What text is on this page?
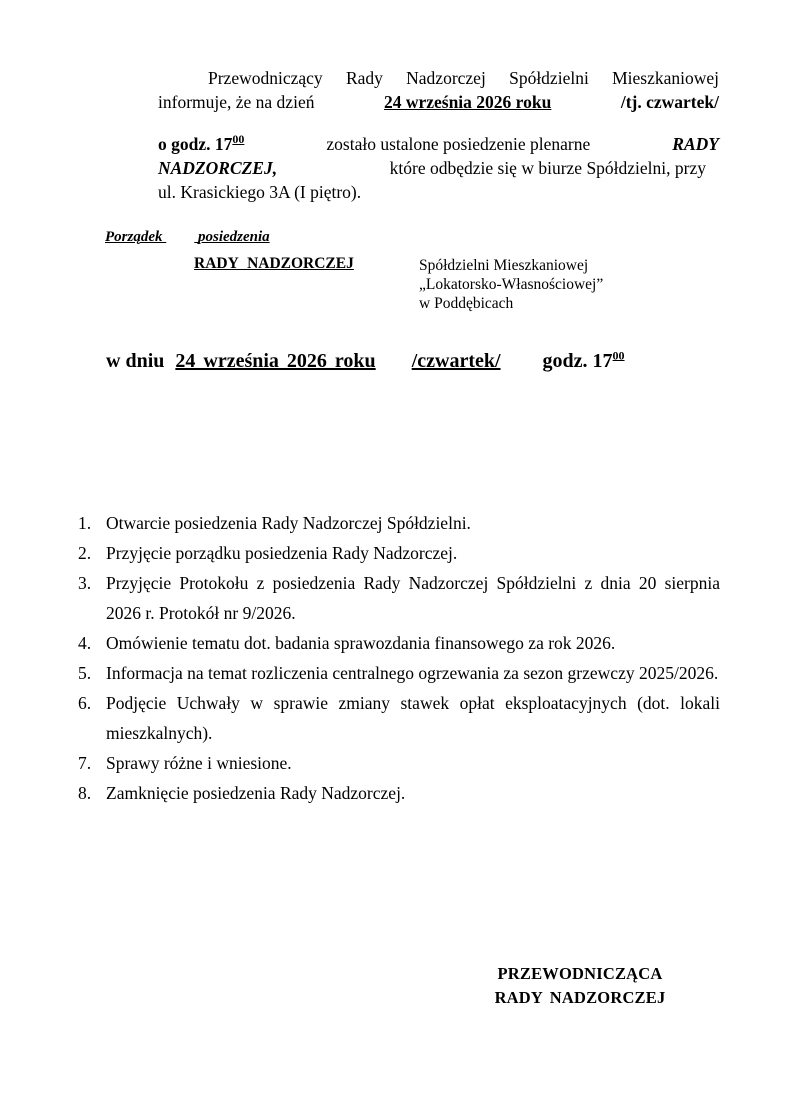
Przewodniczący Rady Nadzorczej Spółdzielni Mieszkaniowej
informuje, że na dzień	24 września 2026 roku	/tj. czwartek/
o godz. $17^{00}$	zostało ustalone posiedzenie plenarne	RADY
NADZORCZEJ,	które odbędzie się w biurze Spółdzielni, przy
ul. Krasickiego 3A (I piętro).
Porządek posiedzenia
RADY NADZORCZEJ	Spółdzielni Mieszkaniowej
„Lokatorsko-Własnościowej”
w Poddębicach
w dniu 24 września 2026 roku /czwartek/ godz. $17^{00}$
1. Otwarcie posiedzenia Rady Nadzorczej Spółdzielni.
2. Przyjęcie porządku posiedzenia Rady Nadzorczej.
3. Przyjęcie Protokołu z posiedzenia Rady Nadzorczej Spółdzielni z dnia 20 sierpnia 2026 r. Protokół nr 9/2026.
4. Omówienie tematu dot. badania sprawozdania finansowego za rok 2026.
5. Informacja na temat rozliczenia centralnego ogrzewania za sezon grzewczy 2025/2026.
6. Podjęcie Uchwały w sprawie zmiany stawek opłat eksploatacyjnych (dot. lokali mieszkalnych).
7. Sprawy różne i wniesione.
8. Zamknięcie posiedzenia Rady Nadzorczej.
PRZEWODNICZĄCA
RADY NADZORCZEJ
